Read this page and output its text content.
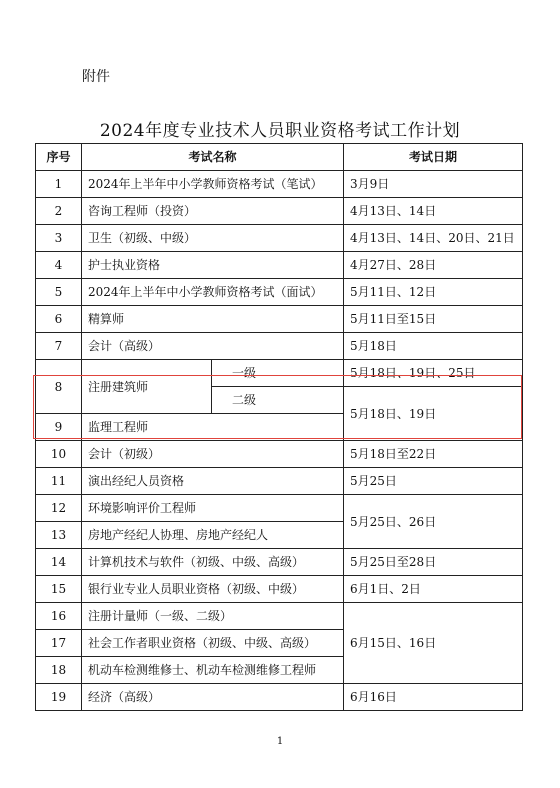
附件
2024年度专业技术人员职业资格考试工作计划
序号	考试名称		考试日期
1	2024年上半年中小学教师资格考试（笔试）		3月9日
2	咨询工程师（投资）		4月13日、14日
3	卫生（初级、中级）		4月13日、14日、20日、21日
4	护士执业资格		4月27日、28日
5	2024年上半年中小学教师资格考试（面试）		5月11日、12日
6	精算师		5月11日至15日
7	会计（高级）		5月18日
8	注册建筑师	一级	5月18日、19日、25日
		二级	5月18日、19日
9	监理工程师		
10	会计（初级）		5月18日至22日
11	演出经纪人员资格		5月25日
12	环境影响评价工程师		5月25日、26日
13	房地产经纪人协理、房地产经纪人		
14	计算机技术与软件（初级、中级、高级）		5月25日至28日
15	银行业专业人员职业资格（初级、中级）		6月1日、2日
16	注册计量师（一级、二级）		6月15日、16日
17	社会工作者职业资格（初级、中级、高级）		
18	机动车检测维修士、机动车检测维修工程师		
19	经济（高级）		6月16日
1
